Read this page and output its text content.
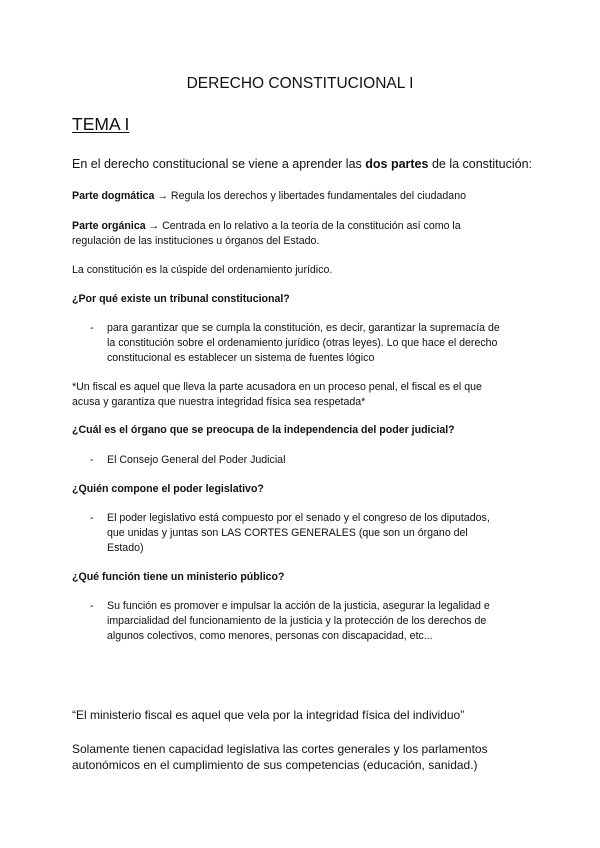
DERECHO CONSTITUCIONAL I
TEMA I
En el derecho constitucional se viene a aprender las dos partes de la constitución:
Parte dogmática → Regula los derechos y libertades fundamentales del ciudadano
Parte orgánica → Centrada en lo relativo a la teoría de la constitución así como la
regulación de las instituciones u órganos del Estado.
La constitución es la cúspide del ordenamiento jurídico.
¿Por qué existe un tribunal constitucional?
- para garantizar que se cumpla la constitución, es decir, garantizar la supremacía de
la constitución sobre el ordenamiento jurídico (otras leyes). Lo que hace el derecho
constitucional es establecer un sistema de fuentes lógico
*Un fiscal es aquel que lleva la parte acusadora en un proceso penal, el fiscal es el que
acusa y garantiza que nuestra integridad física sea respetada*
¿Cuál es el órgano que se preocupa de la independencia del poder judicial?
- El Consejo General del Poder Judicial
¿Quién compone el poder legislativo?
- El poder legislativo está compuesto por el senado y el congreso de los diputados,
que unidas y juntas son LAS CORTES GENERALES (que son un órgano del
Estado)
¿Qué función tiene un ministerio público?
- Su función es promover e impulsar la acción de la justicia, asegurar la legalidad e
imparcialidad del funcionamiento de la justicia y la protección de los derechos de
algunos colectivos, como menores, personas con discapacidad, etc...
“El ministerio fiscal es aquel que vela por la integridad física del individuo”
Solamente tienen capacidad legislativa las cortes generales y los parlamentos
autonómicos en el cumplimiento de sus competencias (educación, sanidad.)
